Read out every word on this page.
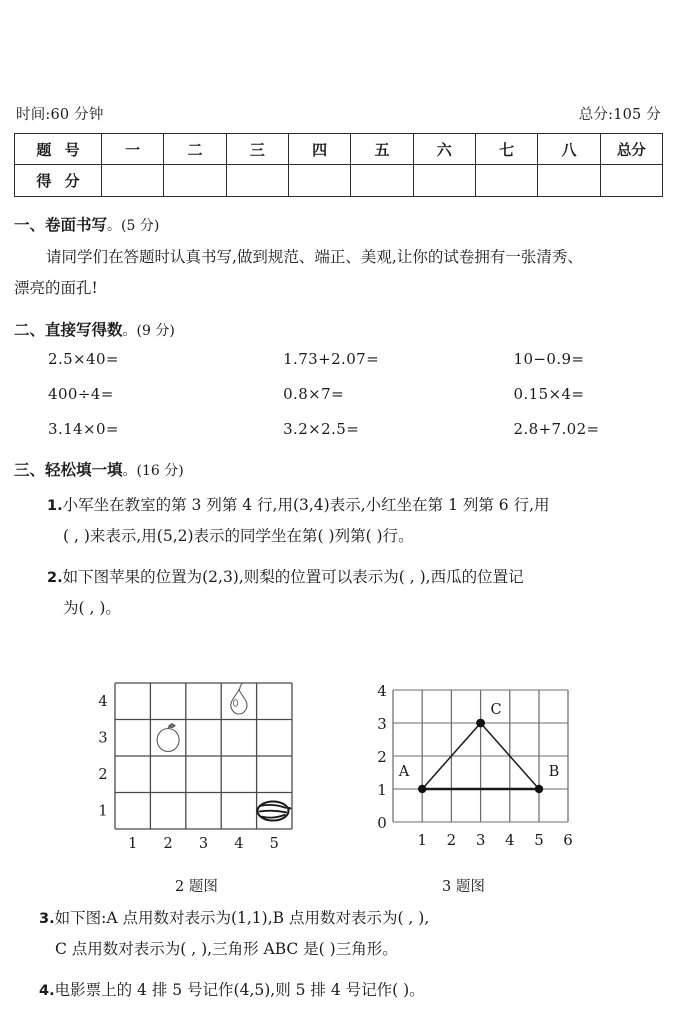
时间:60 分钟	总分:105 分
题 号	一	二	三	四	五	六	七	八	总分
得 分									
一、卷面书写。(5 分)
请同学们在答题时认真书写,做到规范、端正、美观,让你的试卷拥有一张清秀、
漂亮的面孔!
二、直接写得数。(9 分)
2.5×40=	1.73+2.07=	10−0.9=
400÷4=	0.8×7=	0.15×4=
3.14×0=	3.2×2.5=	2.8+7.02=
三、轻松填一填。(16 分)
1.小军坐在教室的第 3 列第 4 行,用(3,4)表示,小红坐在第 1 列第 6 行,用
( , )来表示,用(5,2)表示的同学坐在第( )列第( )行。
2.如下图苹果的位置为(2,3),则梨的位置可以表示为( , ),西瓜的位置记
为( , )。
4
3
2
1
1 2 3 4 5
A	B
C
4
3
2
1
0
1 2 3 4 5 6
2 题图	3 题图
3.如下图:A 点用数对表示为(1,1),B 点用数对表示为( , ),
C 点用数对表示为( , ),三角形 ABC 是( )三角形。
4.电影票上的 4 排 5 号记作(4,5),则 5 排 4 号记作( )。
